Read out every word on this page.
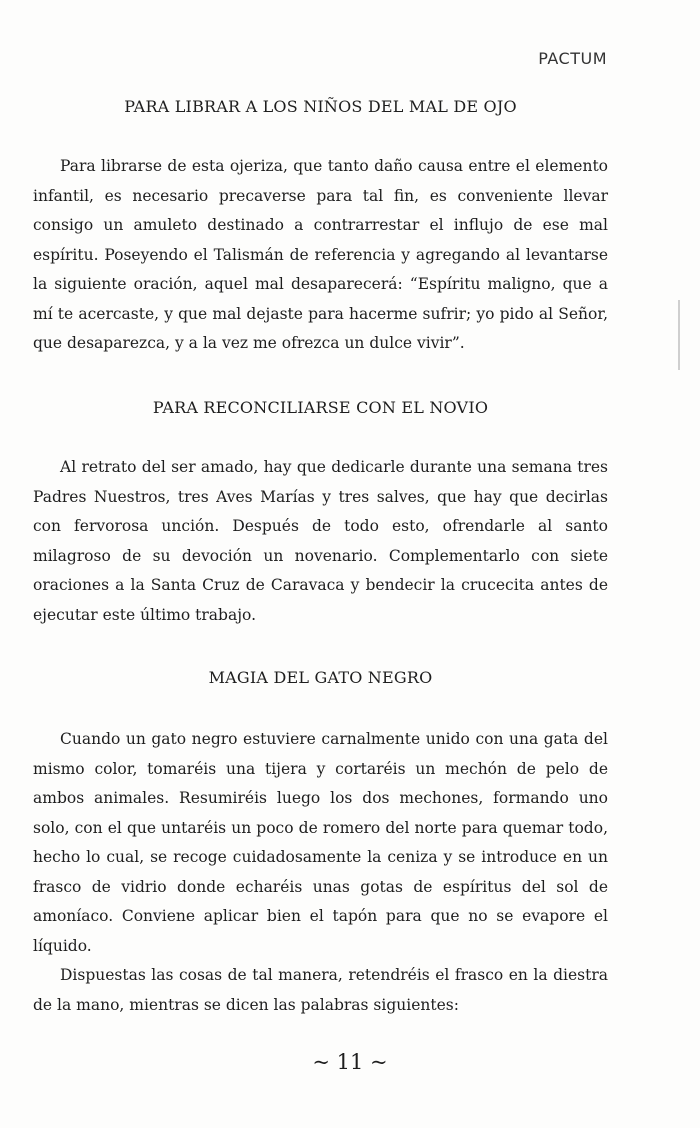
PACTUM
PARA LIBRAR A LOS NIÑOS DEL MAL DE OJO

Para librarse de esta ojeriza, que tanto daño causa entre el elemento infantil, es necesario precaverse para tal fin, es conveniente llevar consigo un amuleto destinado a contrarrestar el influjo de ese mal espíritu. Poseyendo el Talismán de referencia y agregando al levantarse la siguiente oración, aquel mal desaparecerá: “Espíritu maligno, que a mí te acercaste, y que mal dejaste para hacerme sufrir; yo pido al Señor, que desaparezca, y a la vez me ofrezca un dulce vivir”.

PARA RECONCILIARSE CON EL NOVIO

Al retrato del ser amado, hay que dedicarle durante una semana tres Padres Nuestros, tres Aves Marías y tres salves, que hay que decirlas con fervorosa unción. Después de todo esto, ofrendarle al santo milagroso de su devoción un novenario. Complementarlo con siete oraciones a la Santa Cruz de Caravaca y bendecir la crucecita antes de ejecutar este último trabajo.

MAGIA DEL GATO NEGRO

Cuando un gato negro estuviere carnalmente unido con una gata del mismo color, tomaréis una tijera y cortaréis un mechón de pelo de ambos animales. Resumiréis luego los dos mechones, formando uno solo, con el que untaréis un poco de romero del norte para quemar todo, hecho lo cual, se recoge cuidadosamente la ceniza y se introduce en un frasco de vidrio donde echaréis unas gotas de espíritus del sol de amoníaco. Conviene aplicar bien el tapón para que no se evapore el líquido.

Dispuestas las cosas de tal manera, retendréis el frasco en la diestra de la mano, mientras se dicen las palabras siguientes:

~ 11 ~
